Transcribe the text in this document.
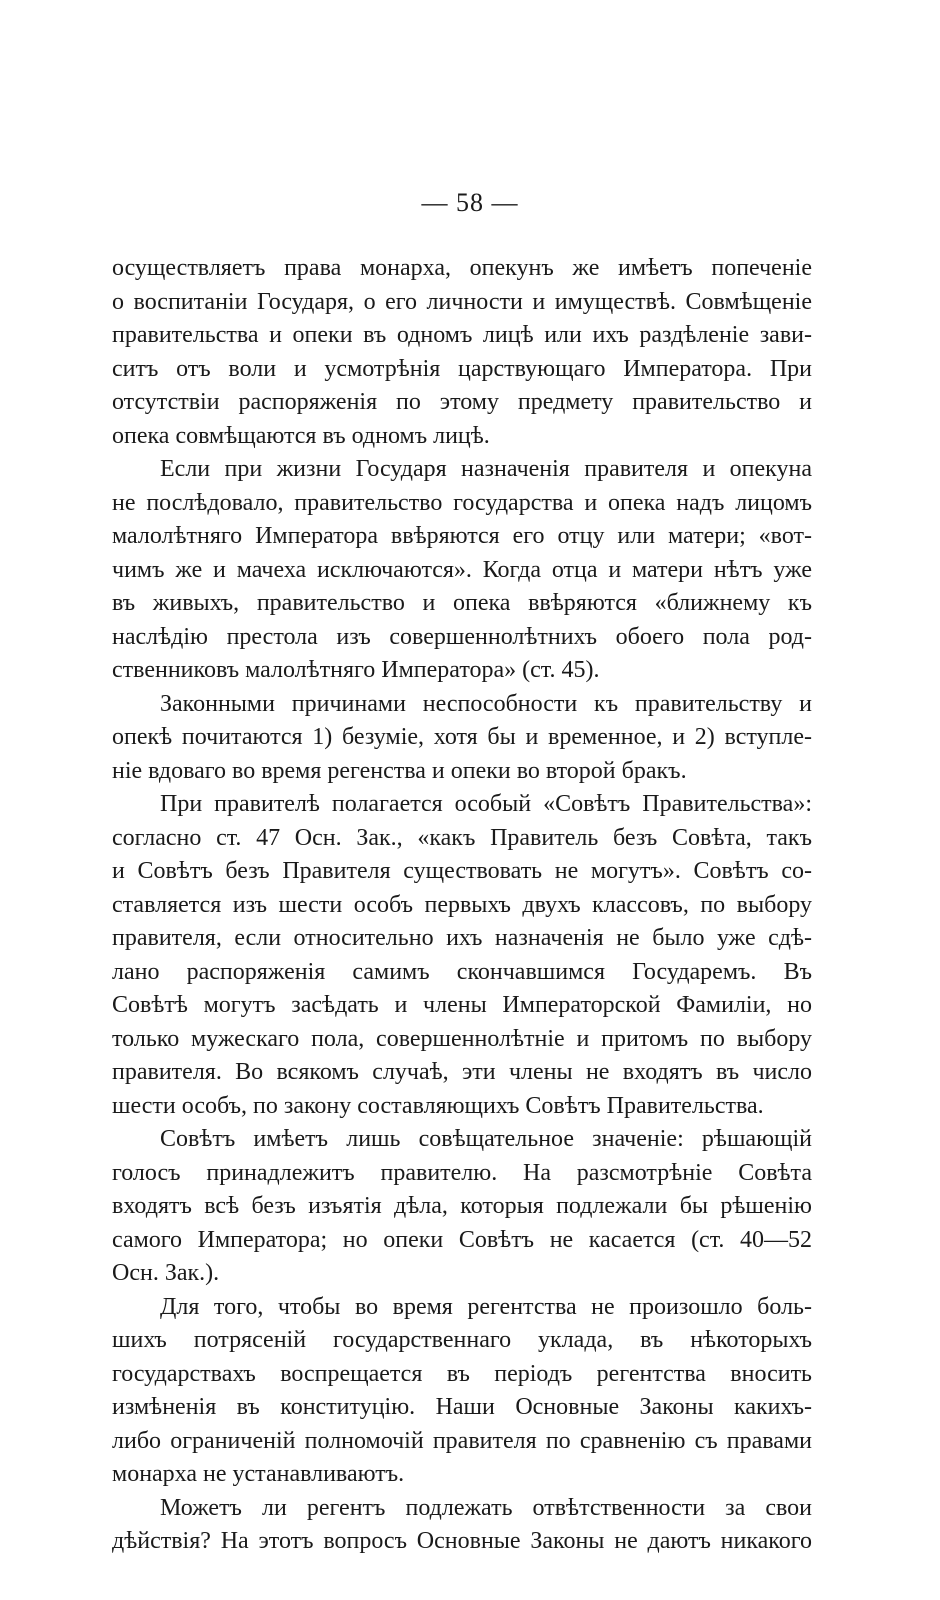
— 58 —
осуществляетъ права монарха, опекунъ же имѣетъ попеченіе
о воспитаніи Государя, о его личности и имуществѣ. Совмѣщеніе
правительства и опеки въ одномъ лицѣ или ихъ раздѣленіе зави-
ситъ отъ воли и усмотрѣнія царствующаго Императора. При
отсутствіи распоряженія по этому предмету правительство и
опека совмѣщаются въ одномъ лицѣ.
Если при жизни Государя назначенія правителя и опекуна
не послѣдовало, правительство государства и опека надъ лицомъ
малолѣтняго Императора ввѣряются его отцу или матери; «вот-
чимъ же и мачеха исключаются». Когда отца и матери нѣтъ уже
въ живыхъ, правительство и опека ввѣряются «ближнему къ
наслѣдію престола изъ совершеннолѣтнихъ обоего пола род-
ственниковъ малолѣтняго Императора» (ст. 45).
Законными причинами неспособности къ правительству и
опекѣ почитаются 1) безуміе, хотя бы и временное, и 2) вступле-
ніе вдоваго во время регенства и опеки во второй бракъ.
При правителѣ полагается особый «Совѣтъ Правительства»:
согласно ст. 47 Осн. Зак., «какъ Правитель безъ Совѣта, такъ
и Совѣтъ безъ Правителя существовать не могутъ». Совѣтъ со-
ставляется изъ шести особъ первыхъ двухъ классовъ, по выбору
правителя, если относительно ихъ назначенія не было уже сдѣ-
лано распоряженія самимъ скончавшимся Государемъ. Въ
Совѣтѣ могутъ засѣдать и члены Императорской Фамиліи, но
только мужескаго пола, совершеннолѣтніе и притомъ по выбору
правителя. Во всякомъ случаѣ, эти члены не входятъ въ число
шести особъ, по закону составляющихъ Совѣтъ Правительства.
Совѣтъ имѣетъ лишь совѣщательное значеніе: рѣшающій
голосъ принадлежитъ правителю. На разсмотрѣніе Совѣта
входятъ всѣ безъ изъятія дѣла, которыя подлежали бы рѣшенію
самого Императора; но опеки Совѣтъ не касается (ст. 40—52
Осн. Зак.).
Для того, чтобы во время регентства не произошло боль-
шихъ потрясеній государственнаго уклада, въ нѣкоторыхъ
государствахъ воспрещается въ періодъ регентства вносить
измѣненія въ конституцію. Наши Основные Законы какихъ-
либо ограниченій полномочій правителя по сравненію съ правами
монарха не устанавливаютъ.
Можетъ ли регентъ подлежать отвѣтственности за свои
дѣйствія? На этотъ вопросъ Основные Законы не даютъ никакого
